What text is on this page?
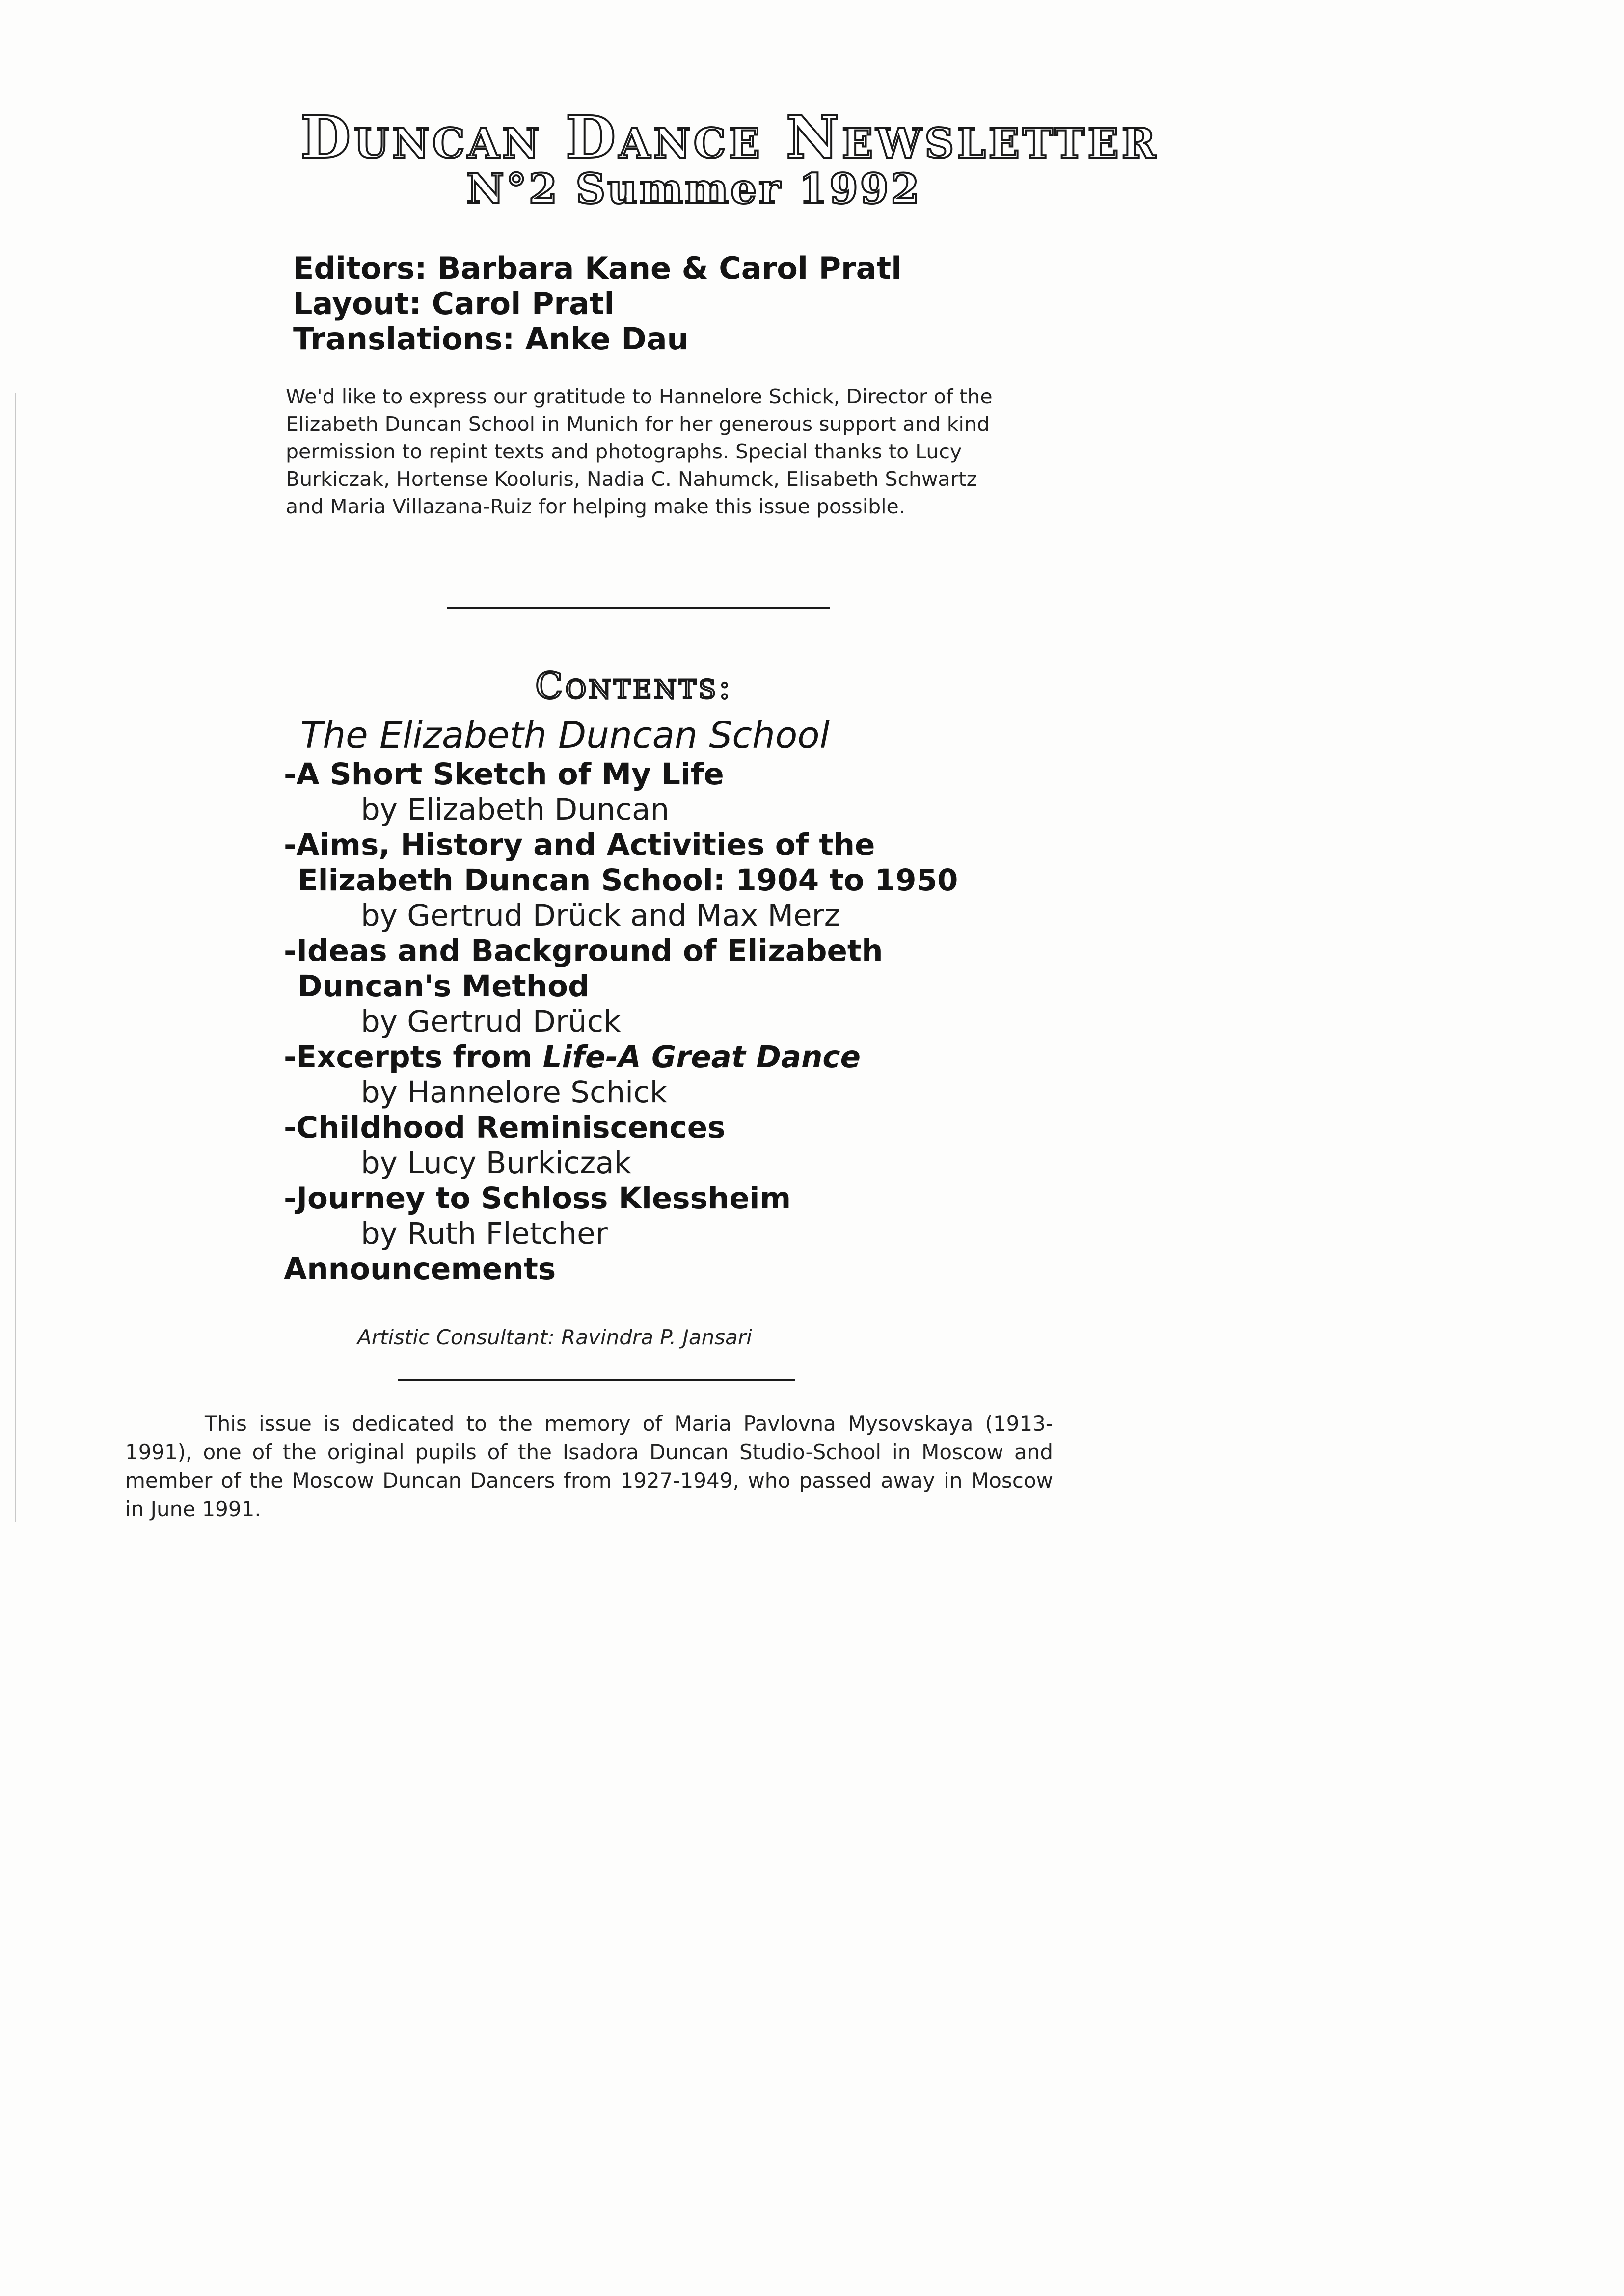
Duncan Dance Newsletter
N°2 Summer 1992
Editors: Barbara Kane & Carol Pratl
Layout: Carol Pratl
Translations: Anke Dau

We'd like to express our gratitude to Hannelore Schick, Director of the Elizabeth Duncan School in Munich for her generous support and kind permission to repint texts and photographs. Special thanks to Lucy Burkiczak, Hortense Kooluris, Nadia C. Nahumck, Elisabeth Schwartz and Maria Villazana-Ruiz for helping make this issue possible.

Contents:
The Elizabeth Duncan School
-A Short Sketch of My Life
by Elizabeth Duncan
-Aims, History and Activities of the
Elizabeth Duncan School: 1904 to 1950
by Gertrud Drück and Max Merz
-Ideas and Background of Elizabeth
Duncan's Method
by Gertrud Drück
-Excerpts from Life-A Great Dance
by Hannelore Schick
-Childhood Reminiscences
by Lucy Burkiczak
-Journey to Schloss Klessheim
by Ruth Fletcher
Announcements
Artistic Consultant: Ravindra P. Jansari

This issue is dedicated to the memory of Maria Pavlovna Mysovskaya (1913-1991), one of the original pupils of the Isadora Duncan Studio-School in Moscow and member of the Moscow Duncan Dancers from 1927-1949, who passed away in Moscow in June 1991.
